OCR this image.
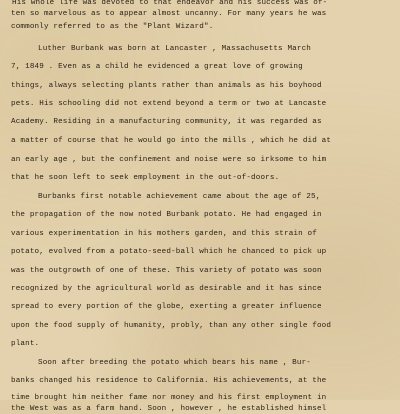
His whole life was devoted to that endeavor and his success was of-
ten so marvelous as to appear almost uncanny. For many years he was
commonly referred to as the "Plant Wizard".
Luther Burbank was born at Lancaster , Massachusetts March
7, 1849 . Even as a child he evidenced a great love of growing
things, always selecting plants rather than animals as his boyhood
pets. His schooling did not extend beyond a term or two at Lancaste
Academy. Residing in a manufacturing community, it was regarded as
a matter of course that he would go into the mills , which he did at
an early age , but the confinement and noise were so irksome to him
that he soon left to seek employment in the out-of-doors.
Burbanks first notable achievement came about the age of 25,
the propagation of the now noted Burbank potato. He had engaged in
various experimentation in his mothers garden, and this strain of
potato, evolved from a potato-seed-ball which he chanced to pick up
was the outgrowth of one of these. This variety of potato was soon
recognized by the agricultural world as desirable and it has since
spread to every portion of the globe, exerting a greater influence
upon the food supply of humanity, probly, than any other single food
plant.
Soon after breeding the potato which bears his name , Bur-
banks changed his residence to California. His achievements, at the
time brought him neither fame nor money and his first employment in
the West was as a farm hand. Soon , however , he established himsel
